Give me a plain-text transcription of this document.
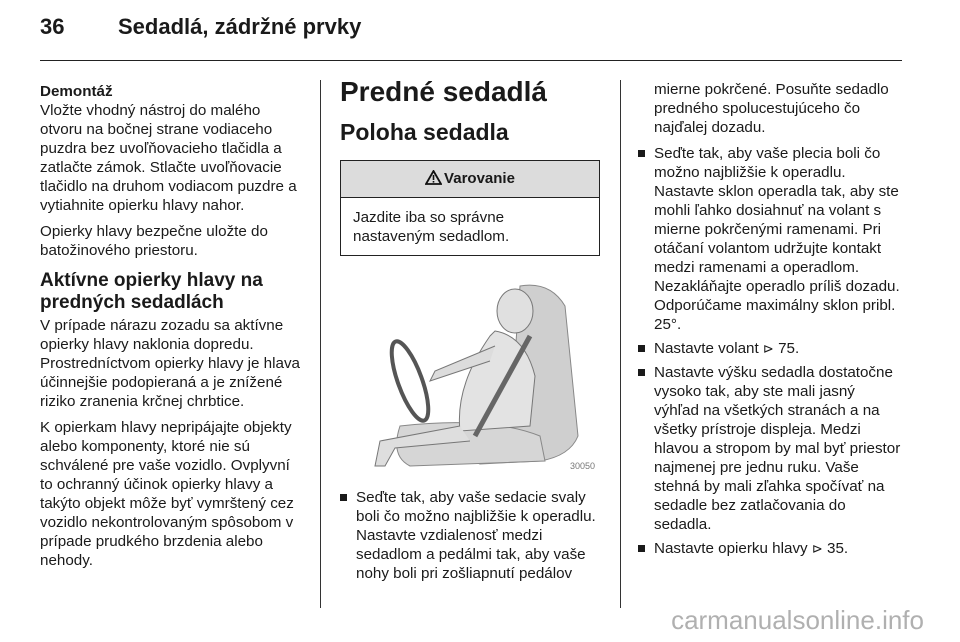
36 Sedadlá, zádržné prvky
Demontáž

Vložte vhodný nástroj do malého otvoru na bočnej strane vodiaceho puzdra bez uvoľňovacieho tlačidla a zatlačte zámok. Stlačte uvoľňovacie tlačidlo na druhom vodiacom puzdre a vytiahnite opierku hlavy nahor.

Opierky hlavy bezpečne uložte do batožinového priestoru.

Aktívne opierky hlavy na predných sedadlách

V prípade nárazu zozadu sa aktívne opierky hlavy naklonia dopredu. Prostredníctvom opierky hlavy je hlava účinnejšie podopieraná a je znížené riziko zranenia krčnej chrbtice.

K opierkam hlavy nepripájajte objekty alebo komponenty, ktoré nie sú schválené pre vaše vozidlo. Ovplyvní to ochranný účinok opierky hlavy a takýto objekt môže byť vymrštený cez vozidlo nekontrolovaným spôsobom v prípade prudkého brzdenia alebo nehody.

Predné sedadlá
Poloha sedadla
Varovanie
Jazdite iba so správne nastaveným sedadlom.
30050
Seďte tak, aby vaše sedacie svaly boli čo možno najbližšie k operadlu. Nastavte vzdialenosť medzi sedadlom a pedálmi tak, aby vaše nohy boli pri zošliapnutí pedálov

mierne pokrčené. Posuňte sedadlo predného spolucestujúceho čo najďalej dozadu.

Seďte tak, aby vaše plecia boli čo možno najbližšie k operadlu. Nastavte sklon operadla tak, aby ste mohli ľahko dosiahnuť na volant s mierne pokrčenými ramenami. Pri otáčaní volantom udržujte kontakt medzi ramenami a operadlom. Nezakláňajte operadlo príliš dozadu. Odporúčame maximálny sklon pribl. 25°.
Nastavte volant ⊳ 75.
Nastavte výšku sedadla dostatočne vysoko tak, aby ste mali jasný výhľad na všetkých stranách a na všetky prístroje displeja. Medzi hlavou a stropom by mal byť priestor najmenej pre jednu ruku. Vaše stehná by mali zľahka spočívať na sedadle bez zatlačovania do sedadla.
Nastavte opierku hlavy ⊳ 35.
carmanualsonline.info
